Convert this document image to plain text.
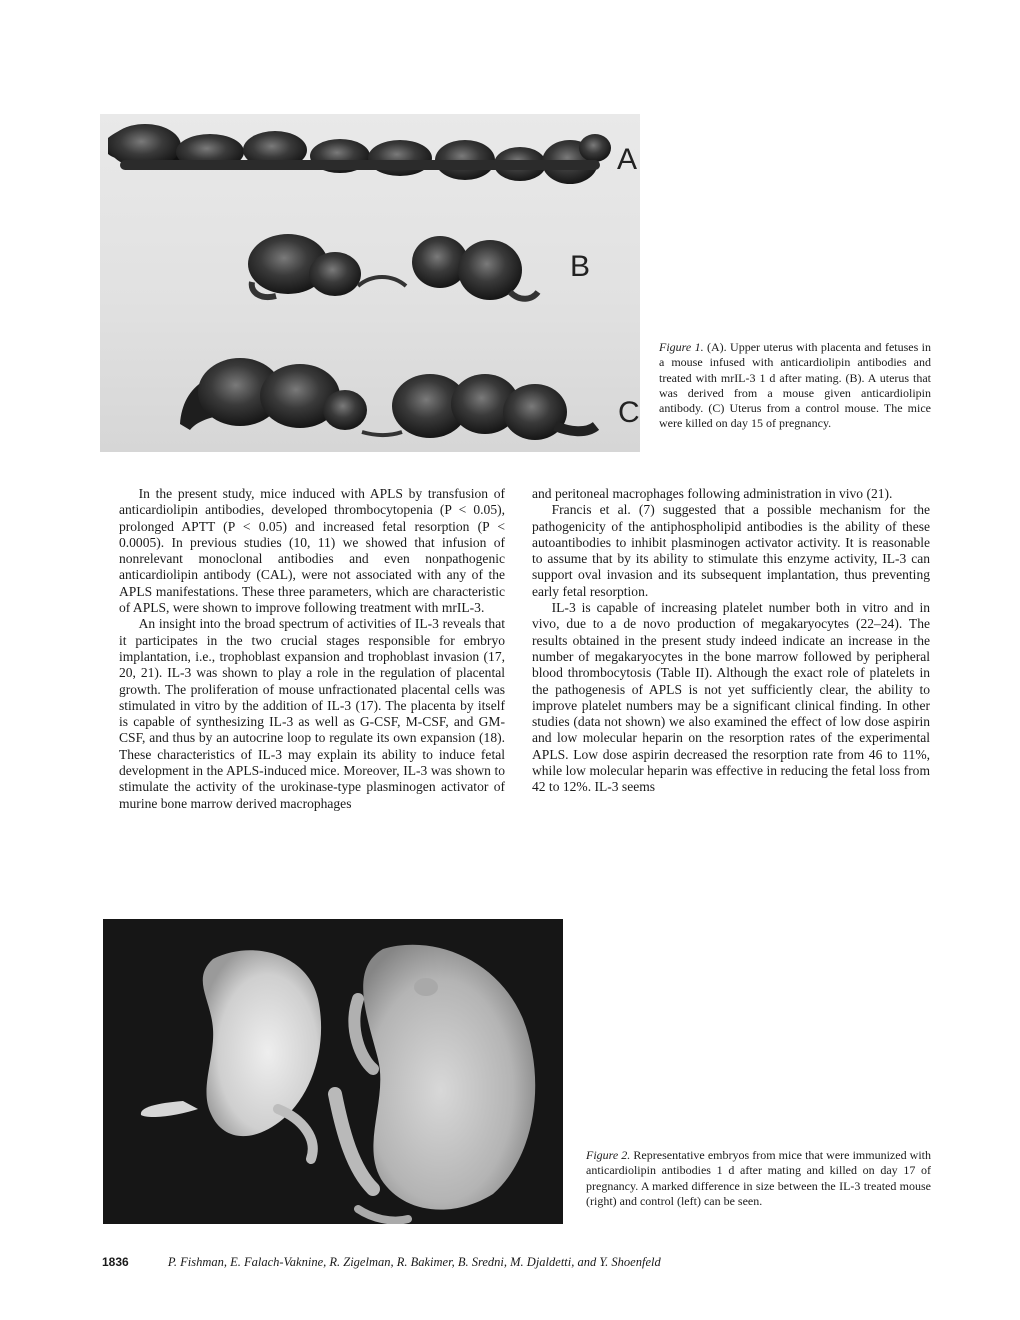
A
B
C
Figure 1. (A). Upper uterus with placenta and fetuses in a mouse infused with anticardiolipin antibodies and treated with mrIL-3 1 d after mating. (B). A uterus that was derived from a mouse given anticardiolipin antibody. (C) Uterus from a control mouse. The mice were killed on day 15 of pregnancy.

In the present study, mice induced with APLS by transfusion of anticardiolipin antibodies, developed thrombocytopenia (P < 0.05), prolonged APTT (P < 0.05) and increased fetal resorption (P < 0.0005). In previous studies (10, 11) we showed that infusion of nonrelevant monoclonal antibodies and even nonpathogenic anticardiolipin antibody (CAL), were not associated with any of the APLS manifestations. These three parameters, which are characteristic of APLS, were shown to improve following treatment with mrIL-3.

An insight into the broad spectrum of activities of IL-3 reveals that it participates in the two crucial stages responsible for embryo implantation, i.e., trophoblast expansion and trophoblast invasion (17, 20, 21). IL-3 was shown to play a role in the regulation of placental growth. The proliferation of mouse unfractionated placental cells was stimulated in vitro by the addition of IL-3 (17). The placenta by itself is capable of synthesizing IL-3 as well as G-CSF, M-CSF, and GM-CSF, and thus by an autocrine loop to regulate its own expansion (18). These characteristics of IL-3 may explain its ability to induce fetal development in the APLS-induced mice. Moreover, IL-3 was shown to stimulate the activity of the urokinase-type plasminogen activator of murine bone marrow derived macrophages

and peritoneal macrophages following administration in vivo (21).

Francis et al. (7) suggested that a possible mechanism for the pathogenicity of the antiphospholipid antibodies is the ability of these autoantibodies to inhibit plasminogen activator activity. It is reasonable to assume that by its ability to stimulate this enzyme activity, IL-3 can support oval invasion and its subsequent implantation, thus preventing early fetal resorption.

IL-3 is capable of increasing platelet number both in vitro and in vivo, due to a de novo production of megakaryocytes (22–24). The results obtained in the present study indeed indicate an increase in the number of megakaryocytes in the bone marrow followed by peripheral blood thrombocytosis (Table II). Although the exact role of platelets in the pathogenesis of APLS is not yet sufficiently clear, the ability to improve platelet numbers may be a significant clinical finding. In other studies (data not shown) we also examined the effect of low dose aspirin and low molecular heparin on the resorption rates of the experimental APLS. Low dose aspirin decreased the resorption rate from 46 to 11%, while low molecular heparin was effective in reducing the fetal loss from 42 to 12%. IL-3 seems

Figure 2. Representative embryos from mice that were immunized with anticardiolipin antibodies 1 d after mating and killed on day 17 of pregnancy. A marked difference in size between the IL-3 treated mouse (right) and control (left) can be seen.
1836	P. Fishman, E. Falach-Vaknine, R. Zigelman, R. Bakimer, B. Sredni, M. Djaldetti, and Y. Shoenfeld
